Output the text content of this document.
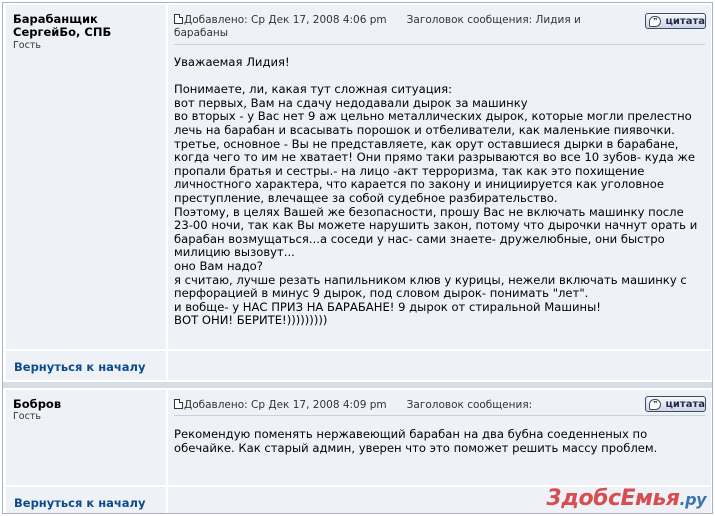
Барабанщик СергейБо, СПБ
Гость
Добавлено: Ср Дек 17, 2008 4:06 pm Заголовок сообщения: Лидия и барабаны
❞ цитата

Уважаемая Лидия!

Понимаете, ли, какая тут сложная ситуация:

вот первых, Вам на сдачу недодавали дырок за машинку

во вторых - у Вас нет 9 аж цельно металлических дырок, которые могли прелестно лечь на барабан и всасывать порошок и отбеливатели, как маленькие пиявочки.

третье, основное - Вы не представляете, как орут оставшиеся дырки в барабане, когда чего то им не хватает! Они прямо таки разрываются во все 10 зубов- куда же пропали братья и сестры.- на лицо -акт терроризма, так как это похищение личностного характера, что карается по закону и инициируется как уголовное преступление, влечащее за собой судебное разбирательство.

Поэтому, в целях Вашей же безопасности, прошу Вас не включать машинку после 23-00 ночи, так как Вы можете нарушить закон, потому что дырочки начнут орать и барабан возмущаться...а соседи у нас- сами знаете- дружелюбные, они быстро милицию вызовут...

оно Вам надо?

я считаю, лучше резать напильником клюв у курицы, нежели включать машинку с перфорацией в минус 9 дырок, под словом дырок- понимать "лет".

и вобще- у НАС ПРИЗ НА БАРАБАНЕ! 9 дырок от стиральной Машины!

ВОТ ОНИ! БЕРИТЕ!)))))))))

Вернуться к началу
Бобров
Гость
Добавлено: Ср Дек 17, 2008 4:09 pm Заголовок сообщения:	❞ цитата

Рекомендую поменять нержавеющий барабан на два бубна соеденненых по обечайке. Как старый админ, уверен что это поможет решить массу проблем.

Вернуться к началу	3добсЕмья.ру
